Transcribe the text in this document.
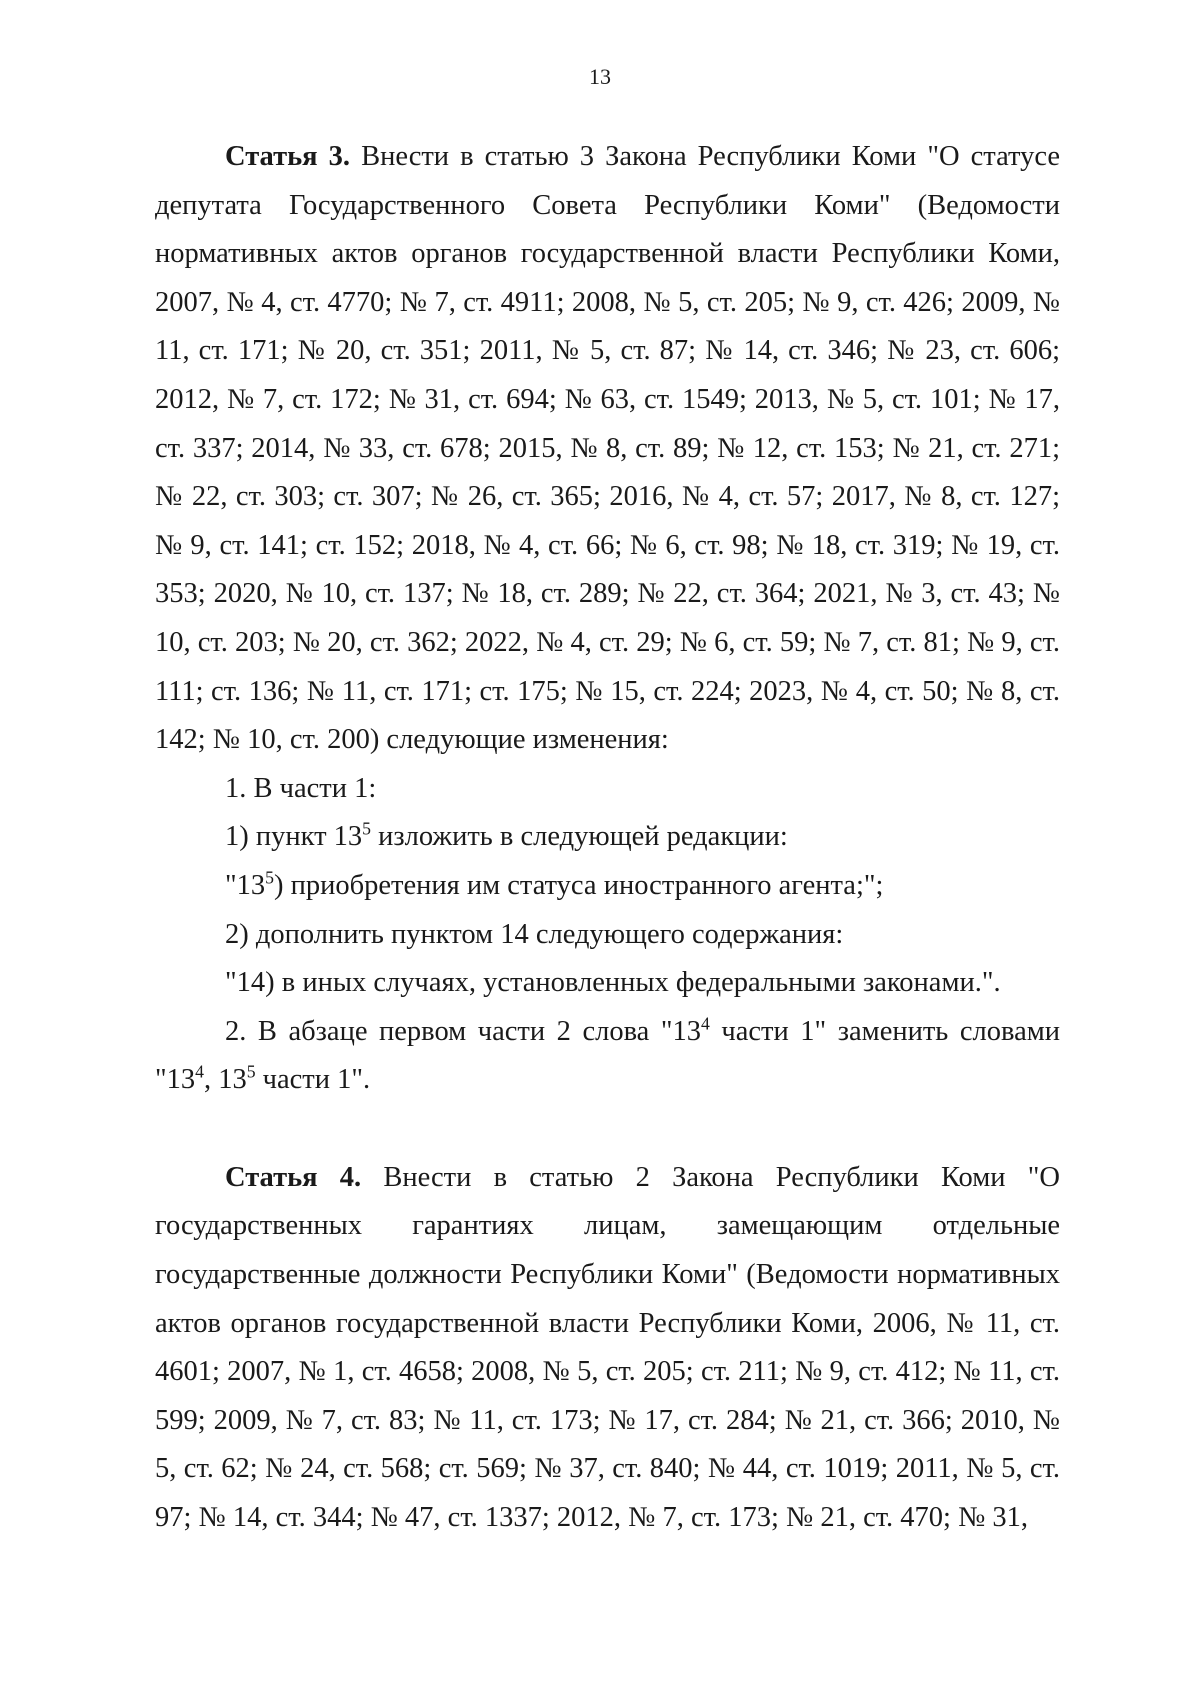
13

Статья 3. Внести в статью 3 Закона Республики Коми "О статусе депутата Государственного Совета Республики Коми" (Ведомости нормативных актов органов государственной власти Республики Коми, 2007, № 4, ст. 4770; № 7, ст. 4911; 2008, № 5, ст. 205; № 9, ст. 426; 2009, № 11, ст. 171; № 20, ст. 351; 2011, № 5, ст. 87; № 14, ст. 346; № 23, ст. 606; 2012, № 7, ст. 172; № 31, ст. 694; № 63, ст. 1549; 2013, № 5, ст. 101; № 17, ст. 337; 2014, № 33, ст. 678; 2015, № 8, ст. 89; № 12, ст. 153; № 21, ст. 271; № 22, ст. 303; ст. 307; № 26, ст. 365; 2016, № 4, ст. 57; 2017, № 8, ст. 127; № 9, ст. 141; ст. 152; 2018, № 4, ст. 66; № 6, ст. 98; № 18, ст. 319; № 19, ст. 353; 2020, № 10, ст. 137; № 18, ст. 289; № 22, ст. 364; 2021, № 3, ст. 43; № 10, ст. 203; № 20, ст. 362; 2022, № 4, ст. 29; № 6, ст. 59; № 7, ст. 81; № 9, ст. 111; ст. 136; № 11, ст. 171; ст. 175; № 15, ст. 224; 2023, № 4, ст. 50; № 8, ст. 142; № 10, ст. 200) следующие изменения:

1. В части 1:

1) пункт $13^5$ изложить в следующей редакции:

"$13^5$) приобретения им статуса иностранного агента;";

2) дополнить пунктом 14 следующего содержания:

"14) в иных случаях, установленных федеральными законами.".

2. В абзаце первом части 2 слова "$13^4$ части 1" заменить словами "$13^4$, $13^5$ части 1".

Статья 4. Внести в статью 2 Закона Республики Коми "О государственных гарантиях лицам, замещающим отдельные государственные должности Республики Коми" (Ведомости нормативных актов органов государственной власти Республики Коми, 2006, № 11, ст. 4601; 2007, № 1, ст. 4658; 2008, № 5, ст. 205; ст. 211; № 9, ст. 412; № 11, ст. 599; 2009, № 7, ст. 83; № 11, ст. 173; № 17, ст. 284; № 21, ст. 366; 2010, № 5, ст. 62; № 24, ст. 568; ст. 569; № 37, ст. 840; № 44, ст. 1019; 2011, № 5, ст. 97; № 14, ст. 344; № 47, ст. 1337; 2012, № 7, ст. 173; № 21, ст. 470; № 31,
